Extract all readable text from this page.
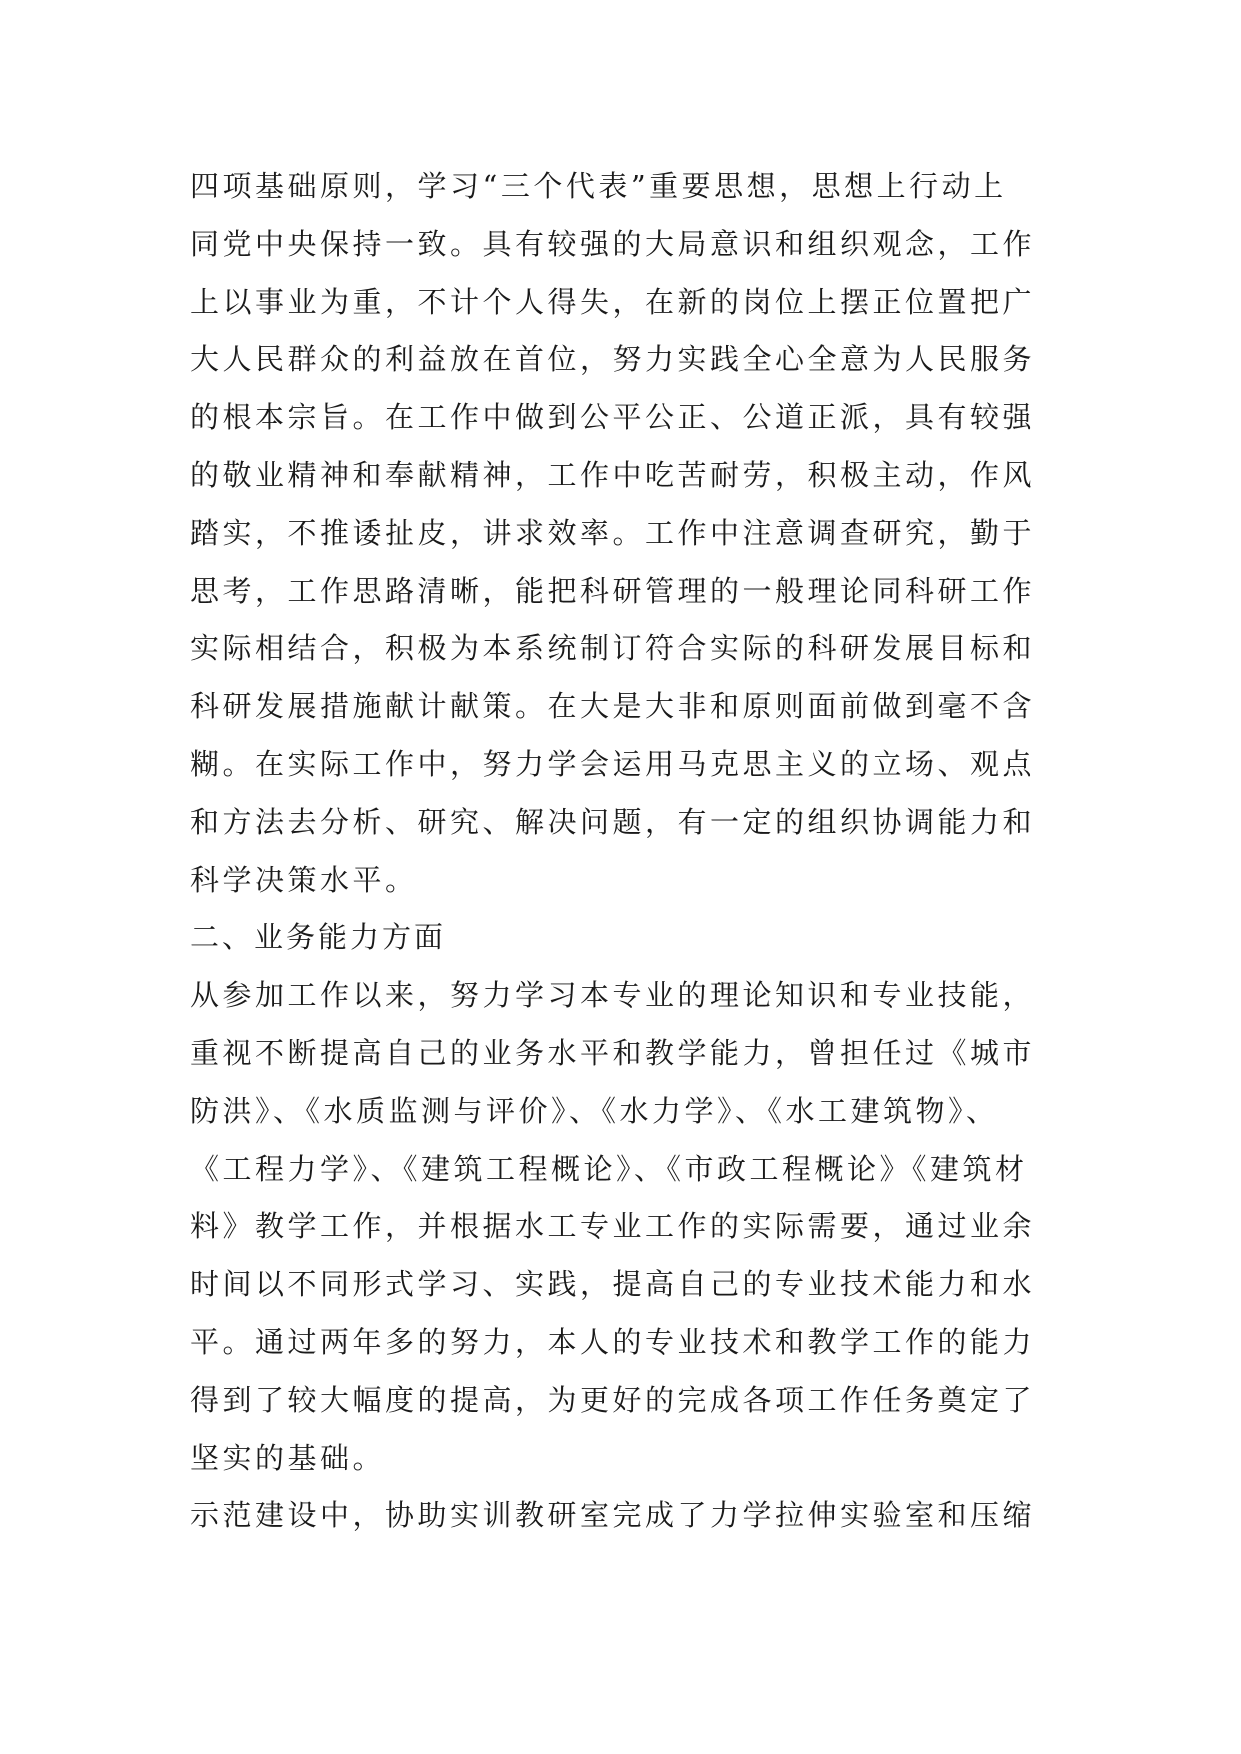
四项基础原则，学习“三个代表”重要思想，思想上行动上
同党中央保持一致。具有较强的大局意识和组织观念，工作
上以事业为重，不计个人得失，在新的岗位上摆正位置把广
大人民群众的利益放在首位，努力实践全心全意为人民服务
的根本宗旨。在工作中做到公平公正、公道正派，具有较强
的敬业精神和奉献精神，工作中吃苦耐劳，积极主动，作风
踏实，不推诿扯皮，讲求效率。工作中注意调查研究，勤于
思考，工作思路清晰，能把科研管理的一般理论同科研工作
实际相结合，积极为本系统制订符合实际的科研发展目标和
科研发展措施献计献策。在大是大非和原则面前做到毫不含
糊。在实际工作中，努力学会运用马克思主义的立场、观点
和方法去分析、研究、解决问题，有一定的组织协调能力和
科学决策水平。
二、业务能力方面
从参加工作以来，努力学习本专业的理论知识和专业技能，
重视不断提高自己的业务水平和教学能力，曾担任过《城市
防洪》、《水质监测与评价》、《水力学》、《水工建筑物》、
《工程力学》、《建筑工程概论》、《市政工程概论》《建筑材
料》教学工作，并根据水工专业工作的实际需要，通过业余
时间以不同形式学习、实践，提高自己的专业技术能力和水
平。通过两年多的努力，本人的专业技术和教学工作的能力
得到了较大幅度的提高，为更好的完成各项工作任务奠定了
坚实的基础。
示范建设中，协助实训教研室完成了力学拉伸实验室和压缩
